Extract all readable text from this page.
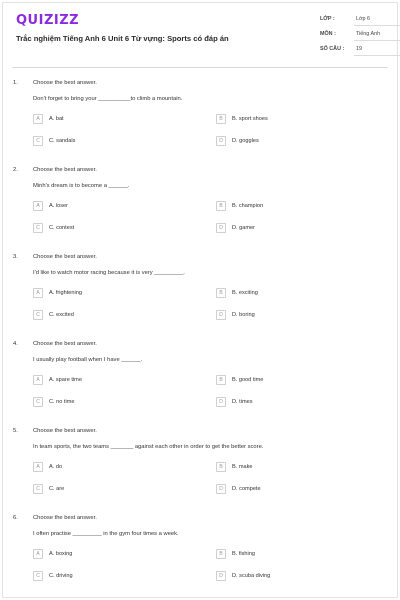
QUIZIZZ
Trắc nghiệm Tiếng Anh 6 Unit 6 Từ vựng: Sports có đáp án
LỚP :	Lớp 6
MÔN :	Tiếng Anh
SỐ CÂU : 19
1.	Choose the best answer.
Don't forget to bring your __________to climb a mountain.
A	A. bat	B	B. sport shoes
C	C. sandals	D	D. goggles
2.	Choose the best answer.
Minh's dream is to become a ______.
A	A. loser	B	B. champion
C	C. contest	D	D. gamer
3.	Choose the best answer.
I'd like to watch motor racing because it is very _________.
A	A. frightening	B	B. exciting
C	C. excited	D	D. boring
4.	Choose the best answer.
I usually play football when I have ______.
A	A. spare time	B	B. good time
C	C. no time	D	D. times
5.	Choose the best answer.
In team sports, the two teams _______ against each other in order to get the better score.
A	A. do	B	B. make
C	C. are	D	D. compete
6.	Choose the best answer.
I often practise _________ in the gym four times a week.
A	A. boxing	B	B. fishing
C	C. driving	D	D. scuba diving
